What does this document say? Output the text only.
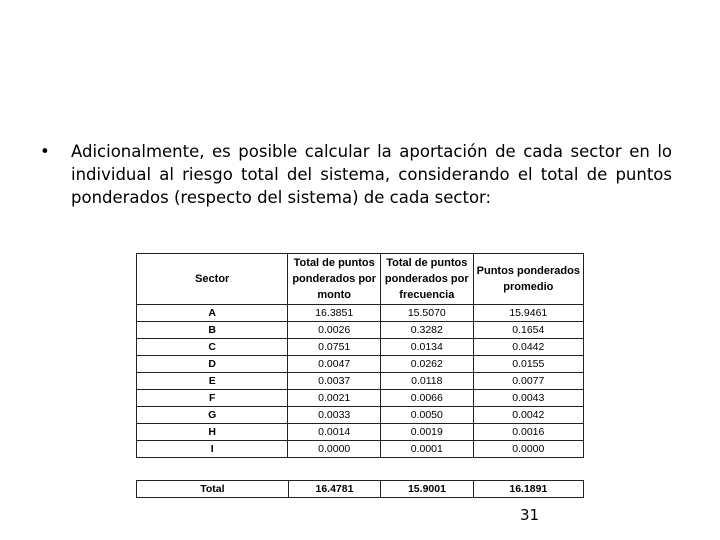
• Adicionalmente, es posible calcular la aportación de cada sector en lo individual al riesgo total del sistema, considerando el total de puntos ponderados (respecto del sistema) de cada sector:
Sector	Total de puntos ponderados por monto	Total de puntos ponderados por frecuencia	Puntos ponderados promedio
A	16.3851	15.5070	15.9461
B	0.0026	0.3282	0.1654
C	0.0751	0.0134	0.0442
D	0.0047	0.0262	0.0155
E	0.0037	0.0118	0.0077
F	0.0021	0.0066	0.0043
G	0.0033	0.0050	0.0042
H	0.0014	0.0019	0.0016
I	0.0000	0.0001	0.0000
Total	16.4781	15.9001	16.1891
31
